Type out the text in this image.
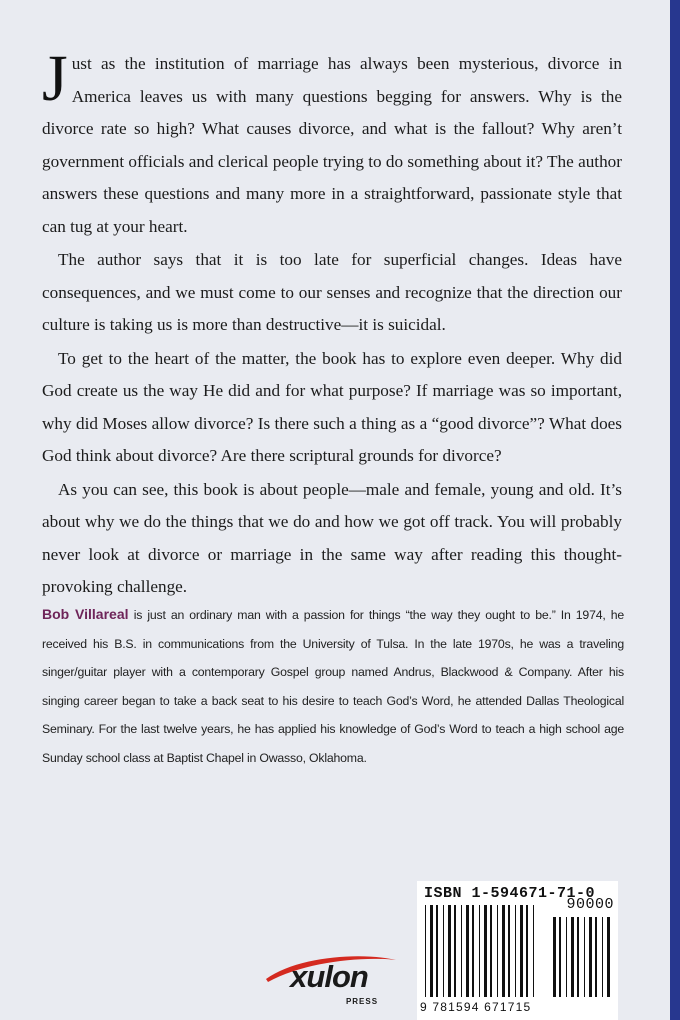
Just as the institution of marriage has always been mysterious, divorce in America leaves us with many questions begging for answers. Why is the divorce rate so high? What causes divorce, and what is the fallout? Why aren’t government officials and clerical people trying to do something about it? The author answers these questions and many more in a straightforward, passionate style that can tug at your heart.

The author says that it is too late for superficial changes. Ideas have consequences, and we must come to our senses and recognize that the direction our culture is taking us is more than destructive—it is suicidal.

To get to the heart of the matter, the book has to explore even deeper. Why did God create us the way He did and for what purpose? If marriage was so important, why did Moses allow divorce? Is there such a thing as a “good divorce”? What does God think about divorce? Are there scriptural grounds for divorce?

As you can see, this book is about people—male and female, young and old. It’s about why we do the things that we do and how we got off track. You will probably never look at divorce or marriage in the same way after reading this thought-provoking challenge.

Bob Villareal is just an ordinary man with a passion for things “the way they ought to be.” In 1974, he received his B.S. in communications from the University of Tulsa. In the late 1970s, he was a traveling singer/guitar player with a contemporary Gospel group named Andrus, Blackwood & Company. After his singing career began to take a back seat to his desire to teach God’s Word, he attended Dallas Theological Seminary. For the last twelve years, he has applied his knowledge of God’s Word to teach a high school age Sunday school class at Baptist Chapel in Owasso, Oklahoma.
xulon
PRESS
ISBN 1-594671-71-0
90000
9 781594 671715
